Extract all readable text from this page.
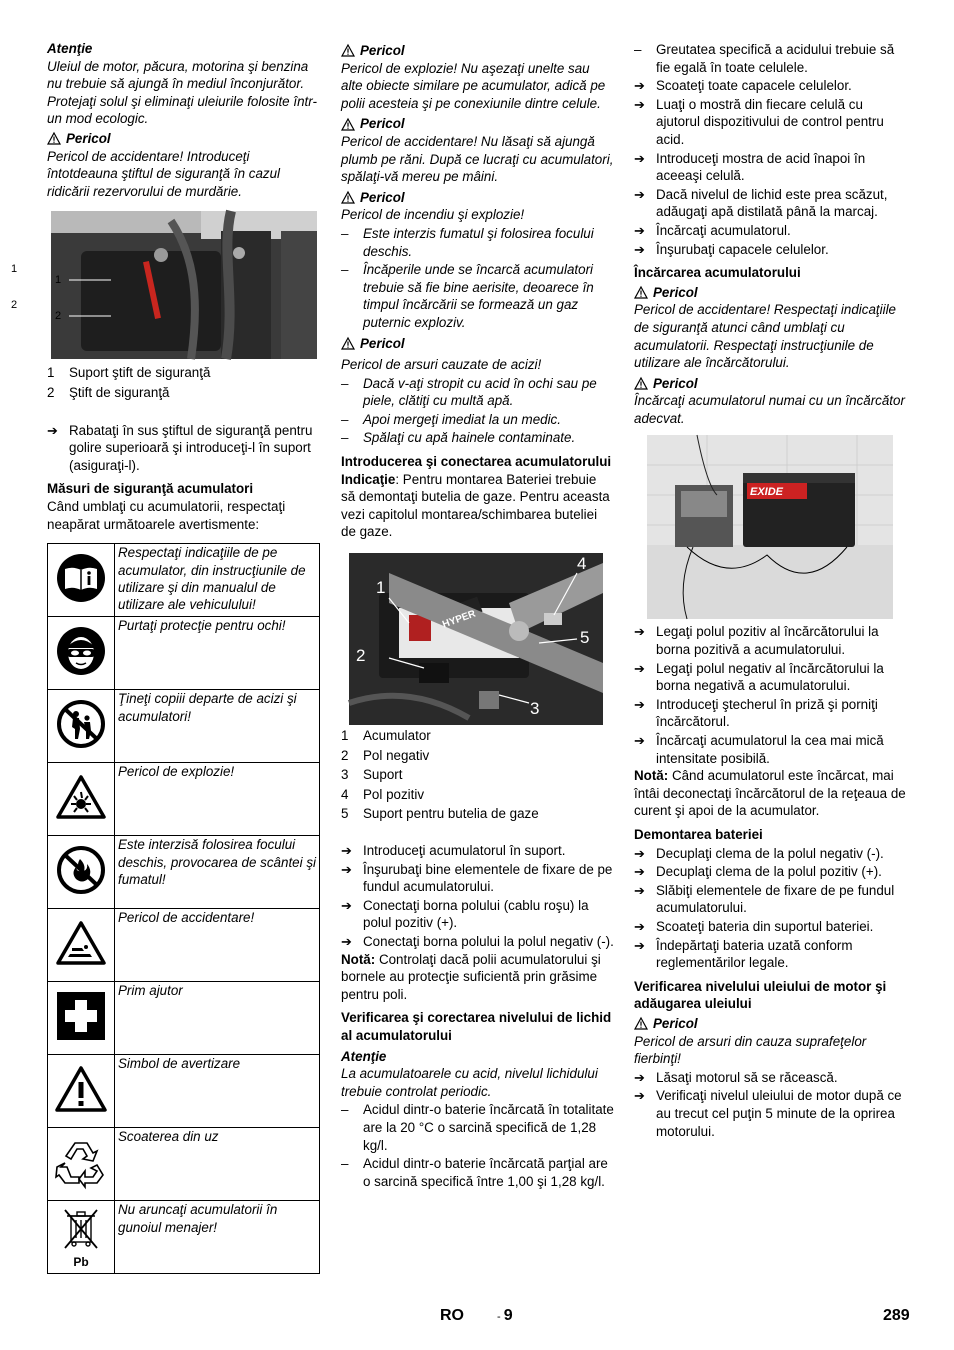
Atenţie

Uleiul de motor, păcura, motorina şi benzina nu trebuie să ajungă în mediul înconjurător. Protejaţi solul şi eliminaţi uleiurile folosite într-un mod ecologic.

Pericol

Pericol de accidentare! Introduceţi întotdeauna ştiftul de siguranţă în cazul ridicării rezervorului de murdărie.

1
2
1
2
1	Suport ştift de siguranţă
2	Ştift de siguranţă
➔ Rabataţi în sus ştiftul de siguranţă pentru golire superioară şi introduceţi-l în suport (asiguraţi-l).

Măsuri de siguranţă acumulatori

Când umblaţi cu acumulatorii, respectaţi neapărat următoarele avertismente:

	Respectaţi indicaţiile de pe acumulator, din instrucţiunile de utilizare şi din manualul de utilizare ale vehiculului!
	Purtaţi protecţie pentru ochi!
	Ţineţi copiii departe de acizi şi acumulatori!
	Pericol de explozie!
	Este interzisă folosirea focului deschis, provocarea de scântei şi fumatul!
	Pericol de accidentare!
	Prim ajutor
	Simbol de avertizare
	Scoaterea din uz

Pb	Nu aruncaţi acumulatorii în gunoiul menajer!
Pericol

Pericol de explozie! Nu aşezaţi unelte sau alte obiecte similare pe acumulator, adică pe polii acesteia şi pe conexiunile dintre celule.

Pericol

Pericol de accidentare! Nu lăsaţi să ajungă plumb pe răni. După ce lucraţi cu acumulatori, spălaţi-vă mereu pe mâini.

Pericol

Pericol de incendiu şi explozie!

–	Este interzis fumatul şi folosirea focului deschis.
–	Încăperile unde se încarcă acumulatori trebuie să fie bine aerisite, deoarece în timpul încărcării se formează un gaz puternic exploziv.
Pericol

Pericol de arsuri cauzate de acizi!

–	Dacă v-aţi stropit cu acid în ochi sau pe piele, clătiţi cu multă apă.
–	Apoi mergeţi imediat la un medic.
–	Spălaţi cu apă hainele contaminate.

Introducerea şi conectarea acumulatorului

Indicaţie: Pentru montarea Bateriei trebuie să demontaţi butelia de gaze. Pentru aceasta vezi capitolul montarea/schimbarea buteliei de gaze.

1
2
3
4
5
HYPER
1	Acumulator
2	Pol negativ
3	Suport
4	Pol pozitiv
5	Suport pentru butelia de gaze
➔ Introduceţi acumulatorul în suport.
➔ Înşurubaţi bine elementele de fixare de pe fundul acumulatorului.
➔ Conectaţi borna polului (cablu roşu) la polul pozitiv (+).
➔ Conectaţi borna polului la polul negativ (-).

Notă: Controlaţi dacă polii acumulatorului şi bornele au protecţie suficientă prin grăsime pentru poli.

Verificarea şi corectarea nivelului de lichid al acumulatorului

Atenţie

La acumulatoarele cu acid, nivelul lichidului trebuie controlat periodic.

–	Acidul dintr-o baterie încărcată în totalitate are la 20 °C o sarcină specifică de 1,28 kg/l.
–	Acidul dintr-o baterie încărcată parţial are o sarcină specifică între 1,00 şi 1,28 kg/l.
–	Greutatea specifică a acidului trebuie să fie egală în toate celulele.
➔ Scoateţi toate capacele celulelor.
➔ Luaţi o mostră din fiecare celulă cu ajutorul dispozitivului de control pentru acid.
➔ Introduceţi mostra de acid înapoi în aceeaşi celulă.
➔ Dacă nivelul de lichid este prea scăzut, adăugaţi apă distilată până la marcaj.
➔ Încărcaţi acumulatorul.
➔ Înşurubaţi capacele celulelor.

Încărcarea acumulatorului

Pericol

Pericol de accidentare! Respectaţi indicaţiile de siguranţă atunci când umblaţi cu acumulatorii. Respectaţi instrucţiunile de utilizare ale încărcătorului.

Pericol

Încărcaţi acumulatorul numai cu un încărcător adecvat.

EXIDE
➔ Legaţi polul pozitiv al încărcătorului la borna pozitivă a acumulatorului.
➔ Legaţi polul negativ al încărcătorului la borna negativă a acumulatorului.
➔ Introduceţi ştecherul în priză şi porniţi încărcătorul.
➔ Încărcaţi acumulatorul la cea mai mică intensitate posibilă.

Notă: Când acumulatorul este încărcat, mai întâi deconectaţi încărcătorul de la reţeaua de curent şi apoi de la acumulator.

Demontarea bateriei

➔ Decuplaţi clema de la polul negativ (-).
➔ Decuplaţi clema de la polul pozitiv (+).
➔ Slăbiţi elementele de fixare de pe fundul acumulatorului.
➔ Scoateţi bateria din suportul bateriei.
➔ Îndepărtaţi bateria uzată conform reglementărilor legale.

Verificarea nivelului uleiului de motor şi adăugarea uleiului

Pericol

Pericol de arsuri din cauza suprafeţelor fierbinţi!

➔ Lăsaţi motorul să se răcească.
➔ Verificaţi nivelul uleiului de motor după ce au trecut cel puţin 5 minute de la oprirea motorului.
RO	- 9	289
